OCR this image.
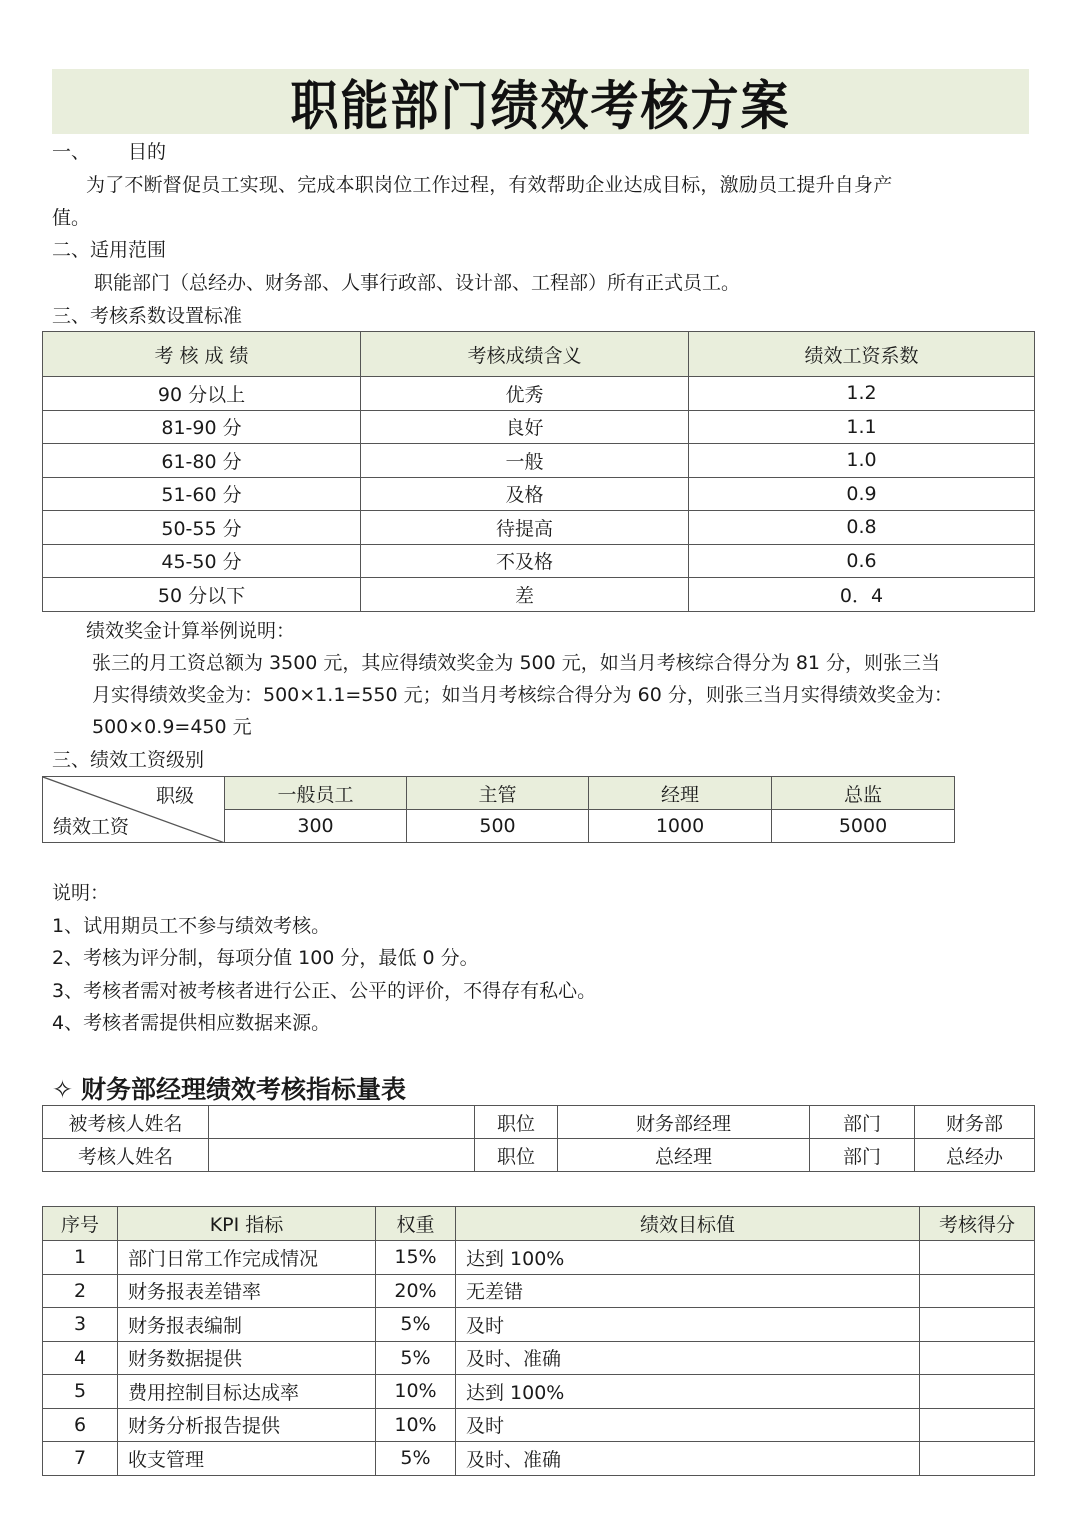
职能部门绩效考核方案
一、 目的
为了不断督促员工实现、完成本职岗位工作过程，有效帮助企业达成目标，激励员工提升自身产
值。
二、适用范围
职能部门（总经办、财务部、人事行政部、设计部、工程部）所有正式员工。
三、考核系数设置标准
考 核 成 绩	考核成绩含义	绩效工资系数
90 分以上	优秀	1.2
81-90 分	良好	1.1
61-80 分	一般	1.0
51-60 分	及格	0.9
50-55 分	待提高	0.8
45-50 分	不及格	0.6
50 分以下	差	0．4
绩效奖金计算举例说明：
张三的月工资总额为 3500 元，其应得绩效奖金为 500 元，如当月考核综合得分为 81 分，则张三当
月实得绩效奖金为：500×1.1=550 元；如当月考核综合得分为 60 分，则张三当月实得绩效奖金为：
500×0.9=450 元
三、绩效工资级别
职级
绩效工资	一般员工	主管	经理	总监
	300	500	1000	5000
说明：
1、试用期员工不参与绩效考核。
2、考核为评分制，每项分值 100 分，最低 0 分。
3、考核者需对被考核者进行公正、公平的评价，不得存有私心。
4、考核者需提供相应数据来源。
✧ 财务部经理绩效考核指标量表
被考核人姓名		职位	财务部经理	部门	财务部
考核人姓名		职位	总经理	部门	总经办
序号	KPI 指标	权重	绩效目标值	考核得分
1	部门日常工作完成情况	15%	达到 100%	
2	财务报表差错率	20%	无差错	
3	财务报表编制	5%	及时	
4	财务数据提供	5%	及时、准确	
5	费用控制目标达成率	10%	达到 100%	
6	财务分析报告提供	10%	及时	
7	收支管理	5%	及时、准确	
